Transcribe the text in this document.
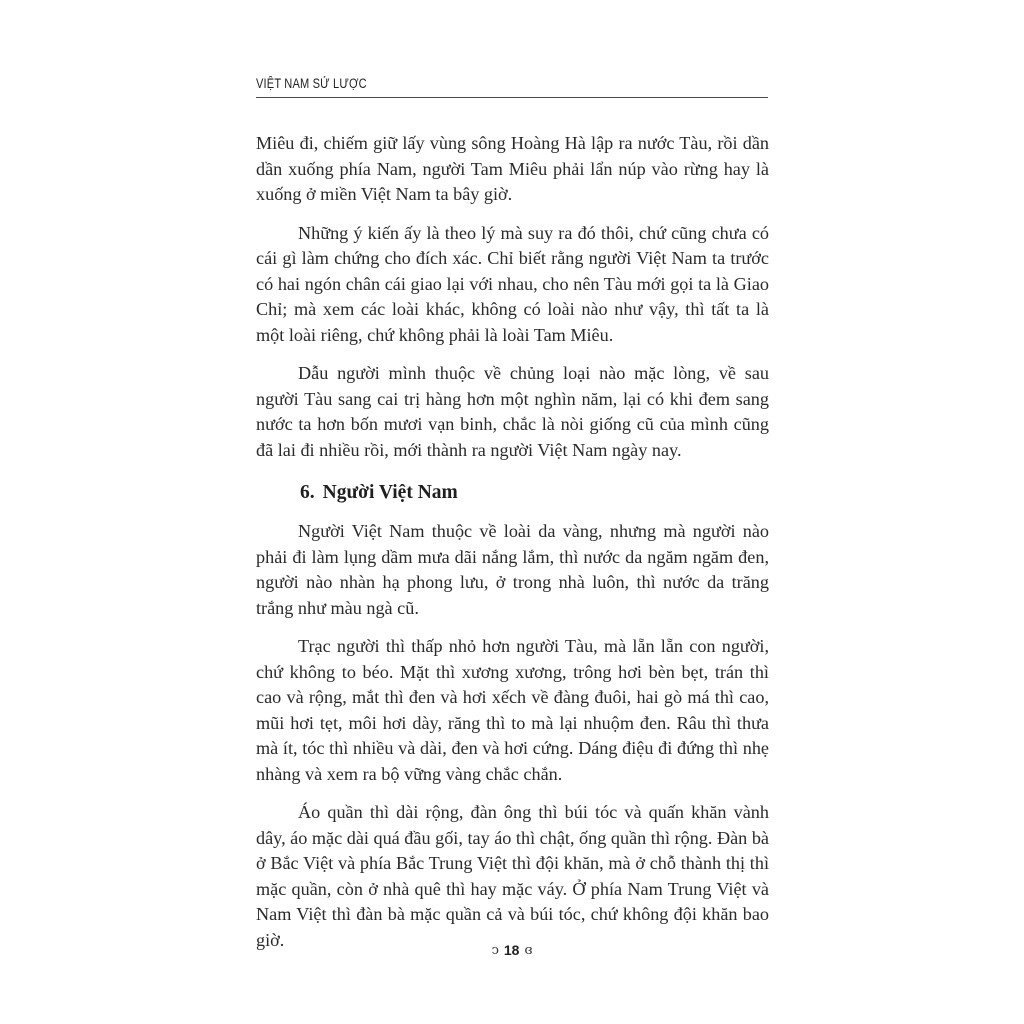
VIỆT NAM SỬ LƯỢC

Miêu đi, chiếm giữ lấy vùng sông Hoàng Hà lập ra nước Tàu, rồi dần dần xuống phía Nam, người Tam Miêu phải lẩn núp vào rừng hay là xuống ở miền Việt Nam ta bây giờ.

Những ý kiến ấy là theo lý mà suy ra đó thôi, chứ cũng chưa có cái gì làm chứng cho đích xác. Chỉ biết rằng người Việt Nam ta trước có hai ngón chân cái giao lại với nhau, cho nên Tàu mới gọi ta là Giao Chỉ; mà xem các loài khác, không có loài nào như vậy, thì tất ta là một loài riêng, chứ không phải là loài Tam Miêu.

Dẫu người mình thuộc về chủng loại nào mặc lòng, về sau người Tàu sang cai trị hàng hơn một nghìn năm, lại có khi đem sang nước ta hơn bốn mươi vạn binh, chắc là nòi giống cũ của mình cũng đã lai đi nhiều rồi, mới thành ra người Việt Nam ngày nay.

6. Người Việt Nam

Người Việt Nam thuộc về loài da vàng, nhưng mà người nào phải đi làm lụng dầm mưa dãi nắng lắm, thì nước da ngăm ngăm đen, người nào nhàn hạ phong lưu, ở trong nhà luôn, thì nước da trăng trắng như màu ngà cũ.

Trạc người thì thấp nhỏ hơn người Tàu, mà lẵn lẵn con người, chứ không to béo. Mặt thì xương xương, trông hơi bèn bẹt, trán thì cao và rộng, mắt thì đen và hơi xếch về đàng đuôi, hai gò má thì cao, mũi hơi tẹt, môi hơi dày, răng thì to mà lại nhuộm đen. Râu thì thưa mà ít, tóc thì nhiều và dài, đen và hơi cứng. Dáng điệu đi đứng thì nhẹ nhàng và xem ra bộ vững vàng chắc chắn.

Áo quần thì dài rộng, đàn ông thì búi tóc và quấn khăn vành dây, áo mặc dài quá đầu gối, tay áo thì chật, ống quần thì rộng. Đàn bà ở Bắc Việt và phía Bắc Trung Việt thì đội khăn, mà ở chỗ thành thị thì mặc quần, còn ở nhà quê thì hay mặc váy. Ở phía Nam Trung Việt và Nam Việt thì đàn bà mặc quần cả và búi tóc, chứ không đội khăn bao giờ.

ↄ 18 ɞ
